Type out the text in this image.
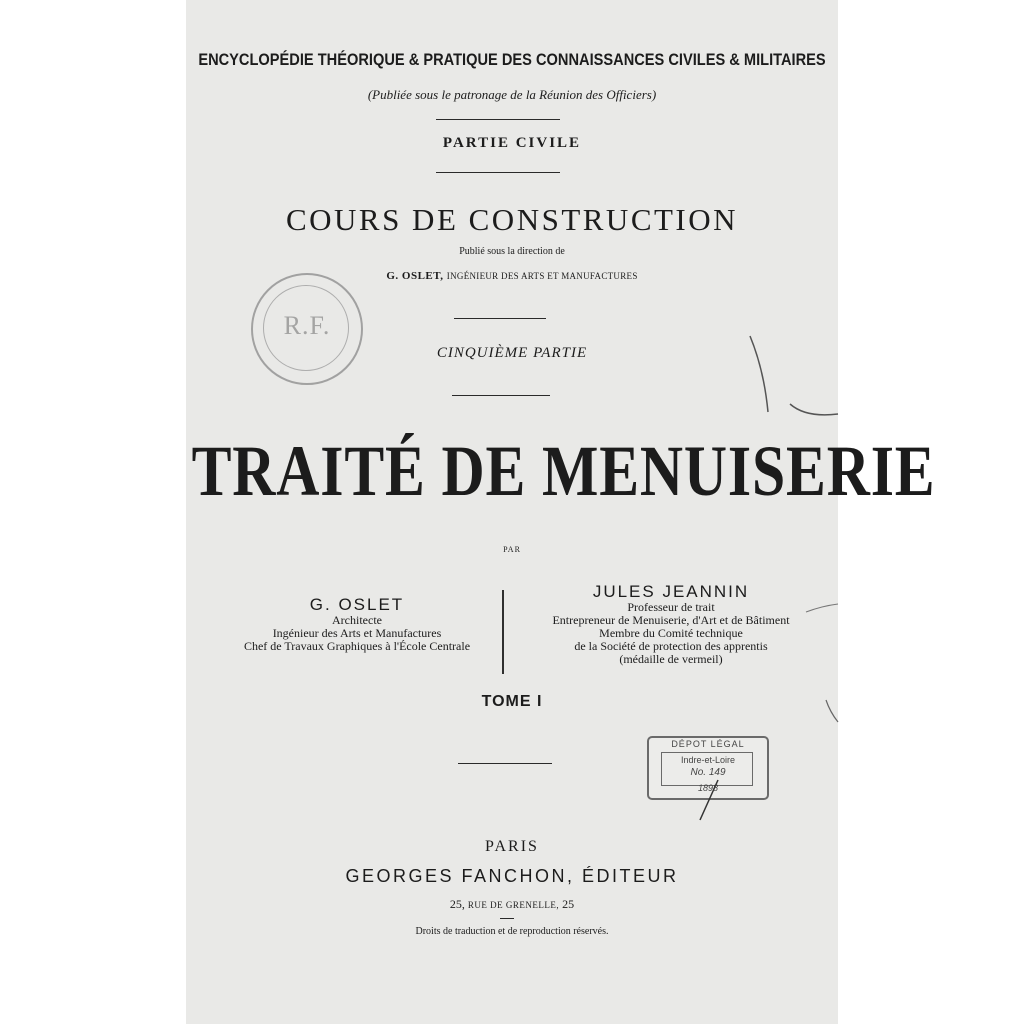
ENCYCLOPÉDIE THÉORIQUE & PRATIQUE DES CONNAISSANCES CIVILES & MILITAIRES
(Publiée sous le patronage de la Réunion des Officiers)
PARTIE CIVILE
COURS DE CONSTRUCTION
Publié sous la direction de
G. OSLET, INGÉNIEUR DES ARTS ET MANUFACTURES
CINQUIÈME PARTIE
TRAITÉ DE MENUISERIE
PAR
G. OSLET
Architecte
Ingénieur des Arts et Manufactures
Chef de Travaux Graphiques à l'École Centrale
JULES JEANNIN
Professeur de trait
Entrepreneur de Menuiserie, d'Art et de Bâtiment
Membre du Comité technique
de la Société de protection des apprentis
(médaille de vermeil)
TOME I
PARIS
GEORGES FANCHON, ÉDITEUR
25, RUE DE GRENELLE, 25
Droits de traduction et de reproduction réservés.
R.F.
DÉPOT LÉGAL
Indre-et-Loire
No. 149
1898
